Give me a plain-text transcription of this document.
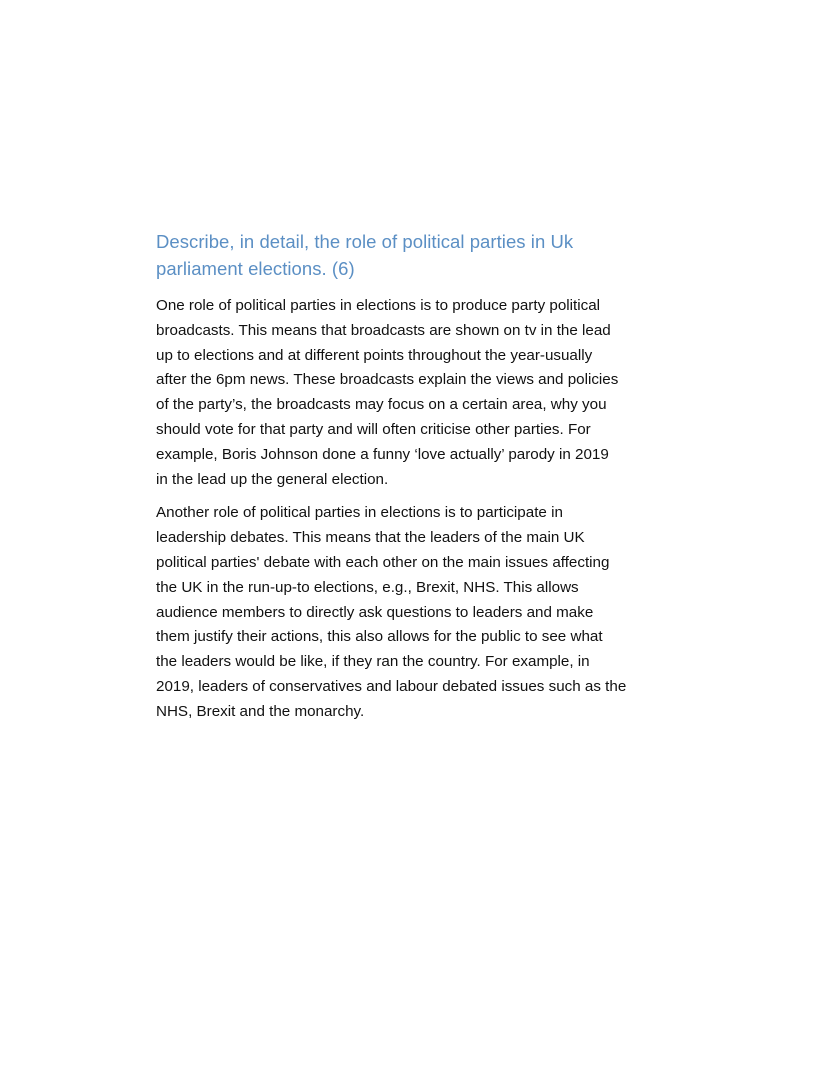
Describe, in detail, the role of political parties in Uk
parliament elections. (6)

One role of political parties in elections is to produce party political
broadcasts. This means that broadcasts are shown on tv in the lead
up to elections and at different points throughout the year-usually
after the 6pm news. These broadcasts explain the views and policies
of the party’s, the broadcasts may focus on a certain area, why you
should vote for that party and will often criticise other parties. For
example, Boris Johnson done a funny ‘love actually’ parody in 2019
in the lead up the general election.

Another role of political parties in elections is to participate in
leadership debates. This means that the leaders of the main UK
political parties' debate with each other on the main issues affecting
the UK in the run-up-to elections, e.g., Brexit, NHS. This allows
audience members to directly ask questions to leaders and make
them justify their actions, this also allows for the public to see what
the leaders would be like, if they ran the country. For example, in
2019, leaders of conservatives and labour debated issues such as the
NHS, Brexit and the monarchy.
